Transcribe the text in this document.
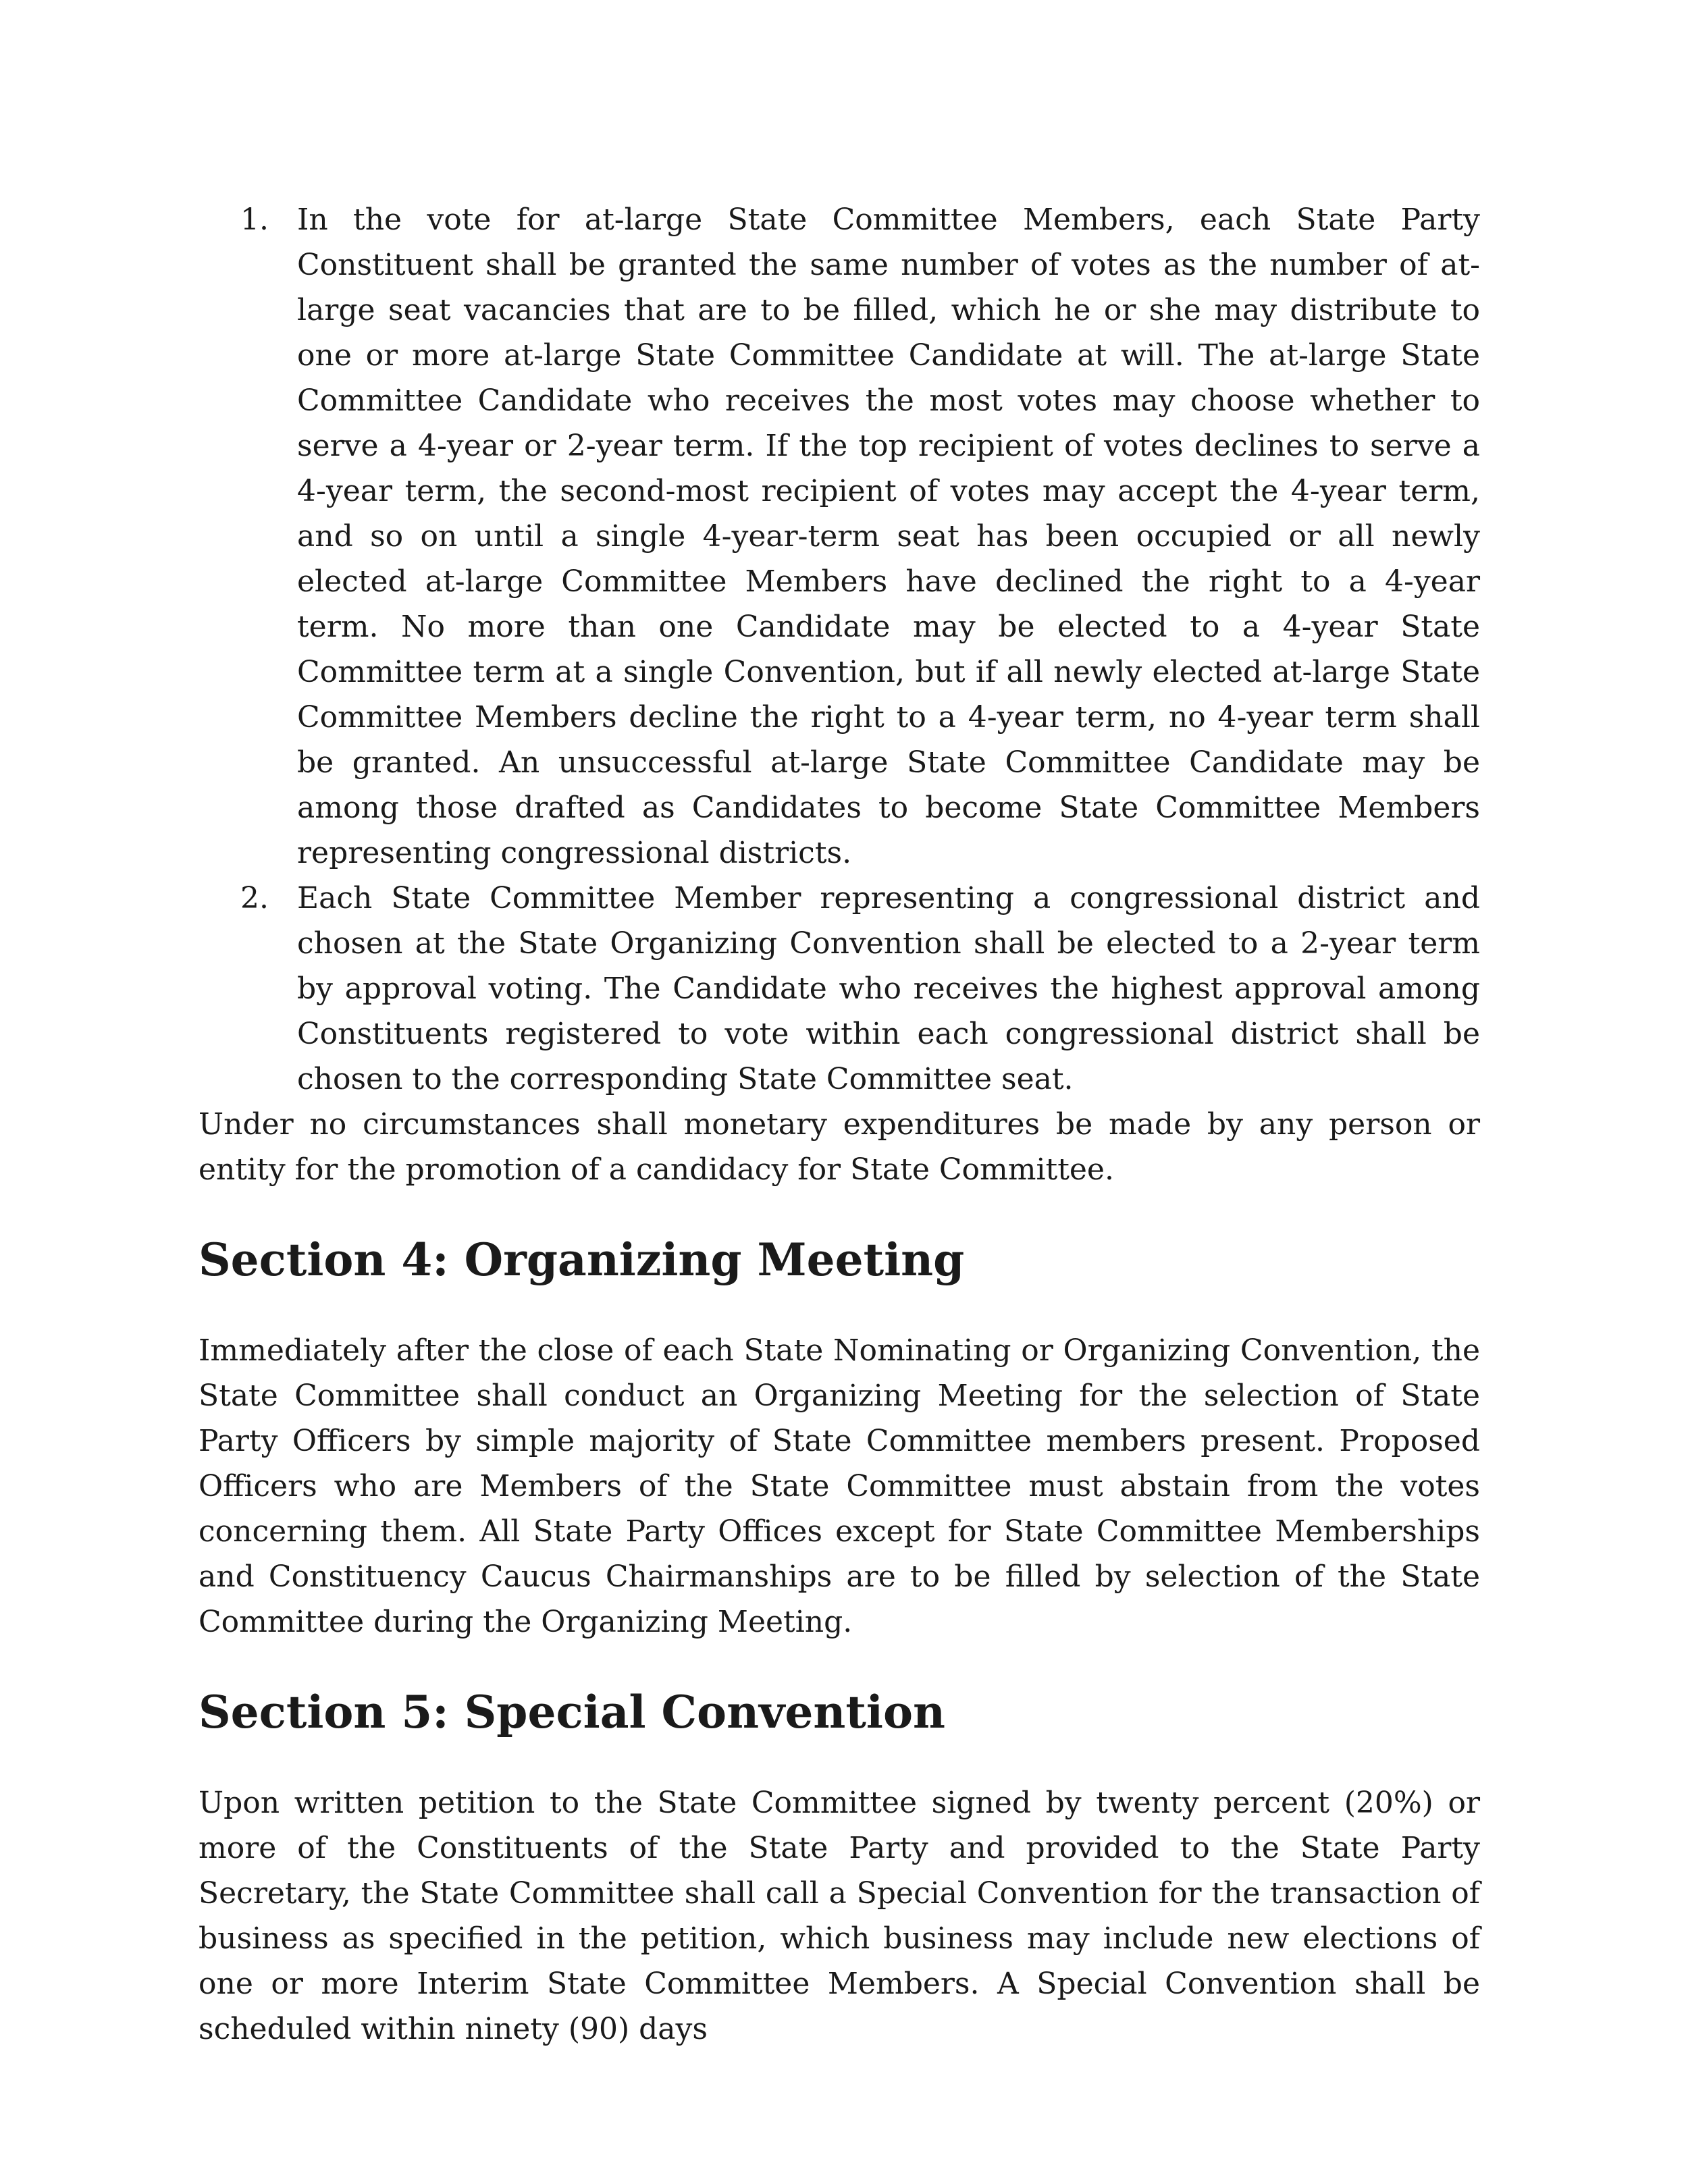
1. In the vote for at-large State Committee Members, each State Party Constituent shall be granted the same number of votes as the number of at-large seat vacancies that are to be filled, which he or she may distribute to one or more at-large State Committee Candidate at will. The at-large State Committee Candidate who receives the most votes may choose whether to serve a 4-year or 2-year term. If the top recipient of votes declines to serve a 4-year term, the second-most recipient of votes may accept the 4-year term, and so on until a single 4-year-term seat has been occupied or all newly elected at-large Committee Members have declined the right to a 4-year term. No more than one Candidate may be elected to a 4-year State Committee term at a single Convention, but if all newly elected at-large State Committee Members decline the right to a 4-year term, no 4-year term shall be granted. An unsuccessful at-large State Committee Candidate may be among those drafted as Candidates to become State Committee Members representing congressional districts.
2. Each State Committee Member representing a congressional district and chosen at the State Organizing Convention shall be elected to a 2-year term by approval voting. The Candidate who receives the highest approval among Constituents registered to vote within each congressional district shall be chosen to the corresponding State Committee seat.

Under no circumstances shall monetary expenditures be made by any person or entity for the promotion of a candidacy for State Committee.

Section 4: Organizing Meeting

Immediately after the close of each State Nominating or Organizing Convention, the State Committee shall conduct an Organizing Meeting for the selection of State Party Officers by simple majority of State Committee members present. Proposed Officers who are Members of the State Committee must abstain from the votes concerning them. All State Party Offices except for State Committee Memberships and Constituency Caucus Chairmanships are to be filled by selection of the State Committee during the Organizing Meeting.

Section 5: Special Convention

Upon written petition to the State Committee signed by twenty percent (20%) or more of the Constituents of the State Party and provided to the State Party Secretary, the State Committee shall call a Special Convention for the transaction of business as specified in the petition, which business may include new elections of one or more Interim State Committee Members. A Special Convention shall be scheduled within ninety (90) days
